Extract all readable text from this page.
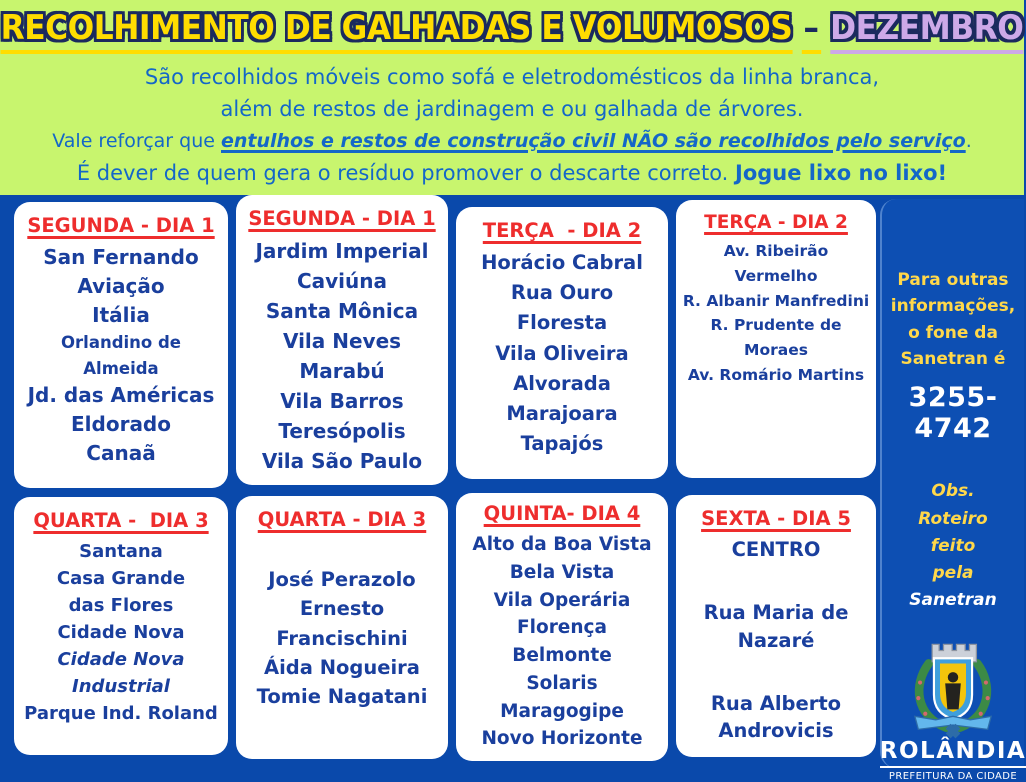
RECOLHIMENTO DE GALHADAS E VOLUMOSOS – DEZEMBRO
São recolhidos móveis como sofá e eletrodomésticos da linha branca,
além de restos de jardinagem e ou galhada de árvores.
Vale reforçar que entulhos e restos de construção civil NÃO são recolhidos pelo serviço.
É dever de quem gera o resíduo promover o descarte correto. Jogue lixo no lixo!
SEGUNDA - DIA 1
San Fernando
Aviação
Itália
Orlandino de
Almeida
Jd. das Américas
Eldorado
Canaã
SEGUNDA - DIA 1
Jardim Imperial
Caviúna
Santa Mônica
Vila Neves
Marabú
Vila Barros
Teresópolis
Vila São Paulo
TERÇA  - DIA 2
Horácio Cabral
Rua Ouro
Floresta
Vila Oliveira
Alvorada
Marajoara
Tapajós
TERÇA - DIA 2
Av. Ribeirão
Vermelho
R. Albanir Manfredini
R. Prudente de
Moraes
Av. Romário Martins
QUARTA -  DIA 3
Santana
Casa Grande
das Flores
Cidade Nova
Cidade Nova
Industrial
Parque Ind. Roland
QUARTA - DIA 3
José Perazolo
Ernesto
Francischini
Áida Nogueira
Tomie Nagatani
QUINTA- DIA 4
Alto da Boa Vista
Bela Vista
Vila Operária
Florença
Belmonte
Solaris
Maragogipe
Novo Horizonte
SEXTA - DIA 5
CENTRO
Rua Maria de
Nazaré
Rua Alberto
Androvicis
Para outras informações, o fone da Sanetran é
3255-4742
Obs.
Roteiro
feito
pela
Sanetran
ROLÂNDIA
PREFEITURA DA CIDADE
